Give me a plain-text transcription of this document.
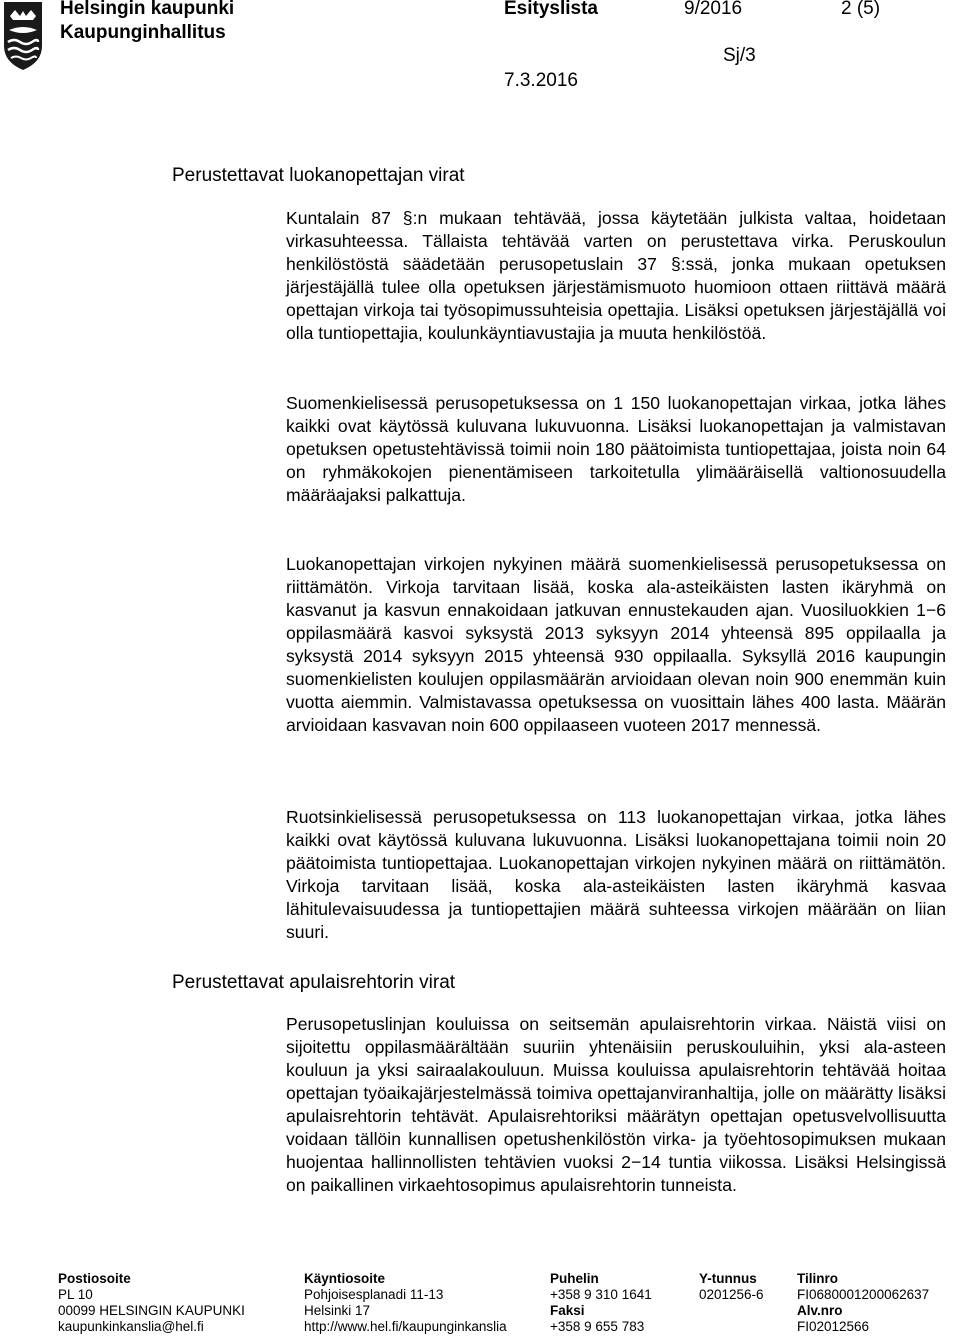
Helsingin kaupunki
Kaupunginhallitus
Esityslista	9/2016	2 (5)
Sj/3
7.3.2016
Perustettavat luokanopettajan virat

Kuntalain 87 §:n mukaan tehtävää, jossa käytetään julkista valtaa, hoidetaan virkasuhteessa. Tällaista tehtävää varten on perustettava virka. Peruskoulun henkilöstöstä säädetään perusopetuslain 37 §:ssä, jonka mukaan opetuksen järjestäjällä tulee olla opetuksen järjestämismuoto huomioon ottaen riittävä määrä opettajan virkoja tai työsopimussuhteisia opettajia. Lisäksi opetuksen järjestäjällä voi olla tuntiopettajia, koulunkäyntiavustajia ja muuta henkilöstöä.

Suomenkielisessä perusopetuksessa on 1 150 luokanopettajan virkaa, jotka lähes kaikki ovat käytössä kuluvana lukuvuonna. Lisäksi luokanopettajan ja valmistavan opetuksen opetustehtävissä toimii noin 180 päätoimista tuntiopettajaa, joista noin 64 on ryhmäkokojen pienentämiseen tarkoitetulla ylimääräisellä valtionosuudella määräajaksi palkattuja.

Luokanopettajan virkojen nykyinen määrä suomenkielisessä perusopetuksessa on riittämätön. Virkoja tarvitaan lisää, koska ala-asteikäisten lasten ikäryhmä on kasvanut ja kasvun ennakoidaan jatkuvan ennustekauden ajan. Vuosiluokkien 1−6 oppilasmäärä kasvoi syksystä 2013 syksyyn 2014 yhteensä 895 oppilaalla ja syksystä 2014 syksyyn 2015 yhteensä 930 oppilaalla. Syksyllä 2016 kaupungin suomenkielisten koulujen oppilasmäärän arvioidaan olevan noin 900 enemmän kuin vuotta aiemmin. Valmistavassa opetuksessa on vuosittain lähes 400 lasta. Määrän arvioidaan kasvavan noin 600 oppilaaseen vuoteen 2017 mennessä.

Ruotsinkielisessä perusopetuksessa on 113 luokanopettajan virkaa, jotka lähes kaikki ovat käytössä kuluvana lukuvuonna. Lisäksi luokanopettajana toimii noin 20 päätoimista tuntiopettajaa. Luokanopettajan virkojen nykyinen määrä on riittämätön. Virkoja tarvitaan lisää, koska ala-asteikäisten lasten ikäryhmä kasvaa lähitulevaisuudessa ja tuntiopettajien määrä suhteessa virkojen määrään on liian suuri.

Perustettavat apulaisrehtorin virat

Perusopetuslinjan kouluissa on seitsemän apulaisrehtorin virkaa. Näistä viisi on sijoitettu oppilasmäärältään suuriin yhtenäisiin peruskouluihin, yksi ala-asteen kouluun ja yksi sairaalakouluun. Muissa kouluissa apulaisrehtorin tehtävää hoitaa opettajan työaikajärjestelmässä toimiva opettajanviranhaltija, jolle on määrätty lisäksi apulaisrehtorin tehtävät. Apulaisrehtoriksi määrätyn opettajan opetusvelvollisuutta voidaan tällöin kunnallisen opetushenkilöstön virka- ja työehtosopimuksen mukaan huojentaa hallinnollisten tehtävien vuoksi 2−14 tuntia viikossa. Lisäksi Helsingissä on paikallinen virkaehtosopimus apulaisrehtorin tunneista.

Postiosoite
PL 10
00099 HELSINGIN KAUPUNKI
kaupunkinkanslia@hel.fi
Käyntiosoite
Pohjoisesplanadi 11-13
Helsinki 17
http://www.hel.fi/kaupunginkanslia
Puhelin
+358 9 310 1641
Faksi
+358 9 655 783
Y-tunnus
0201256-6
Tilinro
FI0680001200062637
Alv.nro
FI02012566
